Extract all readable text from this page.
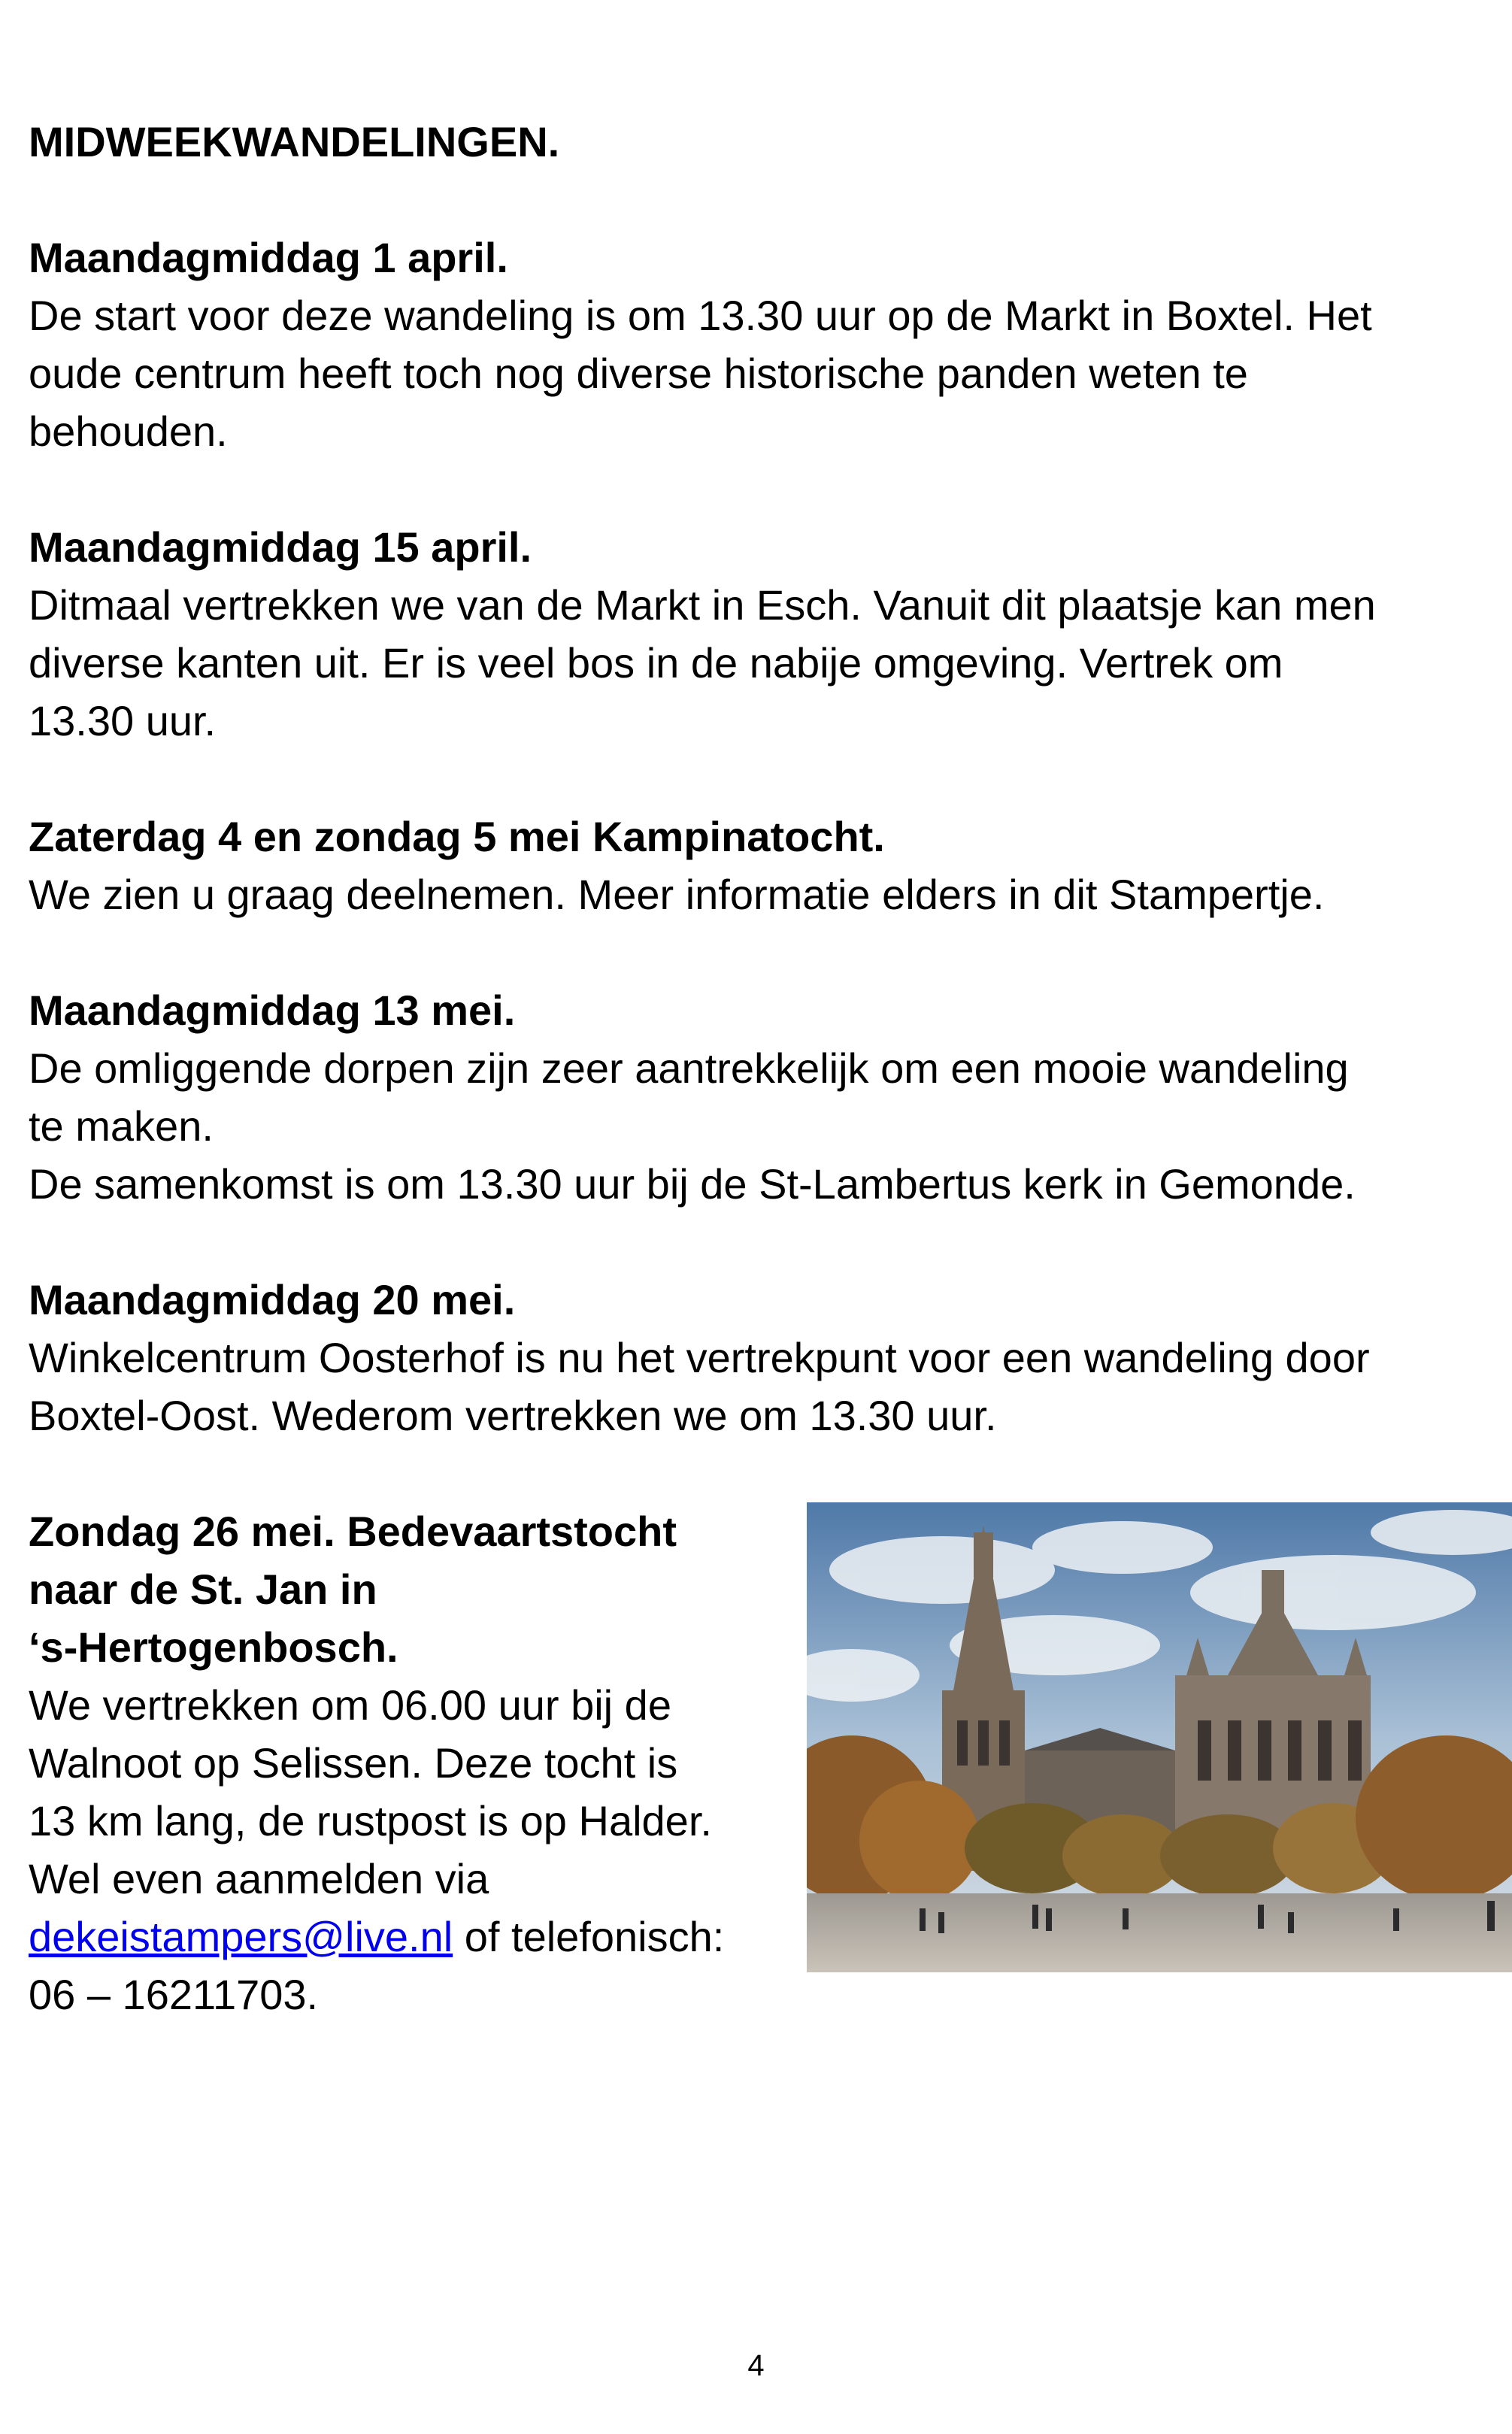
MIDWEEKWANDELINGEN.

Maandagmiddag 1 april.

De start voor deze wandeling is om 13.30 uur op de Markt in Boxtel. Het

oude centrum heeft toch nog diverse historische panden weten te

behouden.

Maandagmiddag 15 april.

Ditmaal vertrekken we van de Markt in Esch. Vanuit dit plaatsje kan men

diverse kanten uit. Er is veel bos in de nabije omgeving. Vertrek om

13.30 uur.

Zaterdag 4 en zondag 5 mei Kampinatocht.

We zien u graag deelnemen. Meer informatie elders in dit Stampertje.

Maandagmiddag 13 mei.

De omliggende dorpen zijn zeer aantrekkelijk om een mooie wandeling

te maken.

De samenkomst is om 13.30 uur bij de St-Lambertus kerk in Gemonde.

Maandagmiddag 20 mei.

Winkelcentrum Oosterhof is nu het vertrekpunt voor een wandeling door

Boxtel-Oost. Wederom vertrekken we om 13.30 uur.

Zondag 26 mei. Bedevaartstocht

naar de St. Jan in

‘s-Hertogenbosch.

We vertrekken om 06.00 uur bij de

Walnoot op Selissen. Deze tocht is

13 km lang, de rustpost is op Halder.

Wel even aanmelden via

dekeistampers@live.nl of telefonisch:

06 – 16211703.

4
